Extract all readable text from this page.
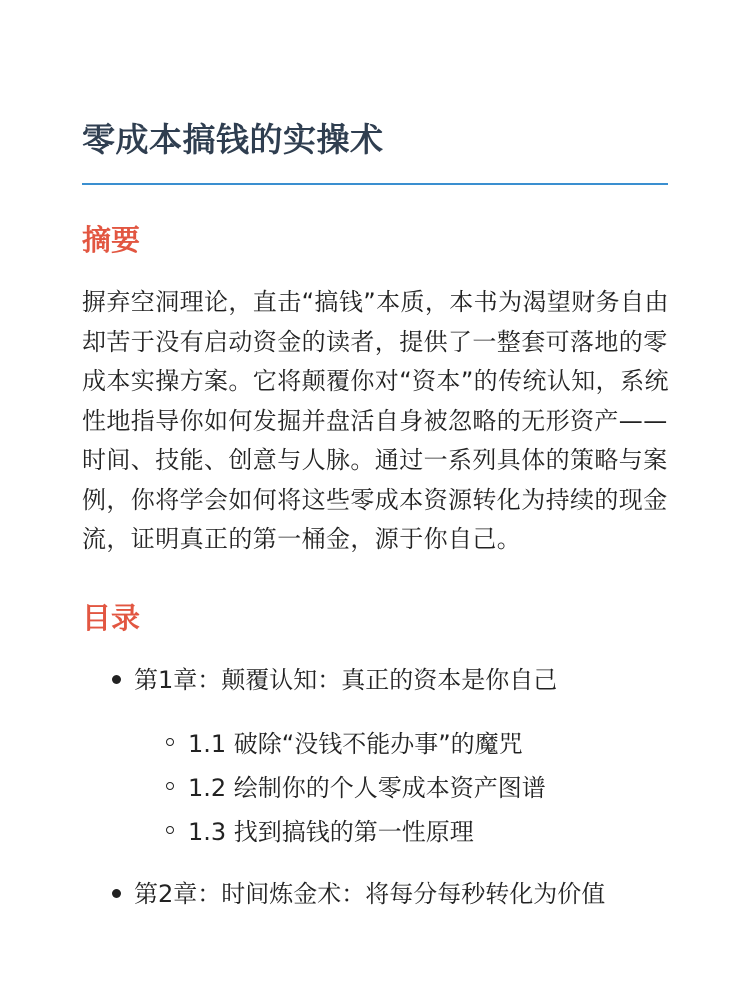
零成本搞钱的实操术
摘要

摒弃空洞理论，直击“搞钱”本质，本书为渴望财务自由却苦于没有启动资金的读者，提供了一整套可落地的零成本实操方案。它将颠覆你对“资本”的传统认知，系统性地指导你如何发掘并盘活自身被忽略的无形资产——时间、技能、创意与人脉。通过一系列具体的策略与案例，你将学会如何将这些零成本资源转化为持续的现金流，证明真正的第一桶金，源于你自己。

目录
第1章：颠覆认知：真正的资本是你自己
1.1 破除“没钱不能办事”的魔咒
1.2 绘制你的个人零成本资产图谱
1.3 找到搞钱的第一性原理
第2章：时间炼金术：将每分每秒转化为价值
